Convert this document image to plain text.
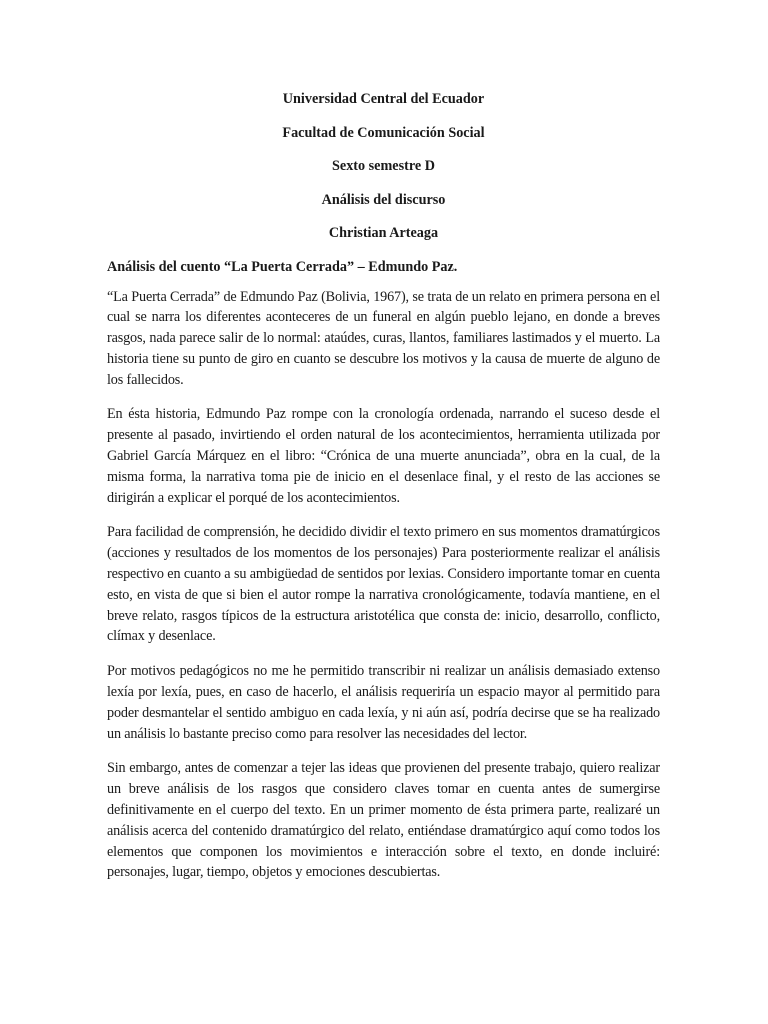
Universidad Central del Ecuador

Facultad de Comunicación Social

Sexto semestre D

Análisis del discurso

Christian Arteaga

Análisis del cuento “La Puerta Cerrada” – Edmundo Paz.

“La Puerta Cerrada” de Edmundo Paz (Bolivia, 1967), se trata de un relato en primera persona en el cual se narra los diferentes aconteceres de un funeral en algún pueblo lejano, en donde a breves rasgos, nada parece salir de lo normal: ataúdes, curas, llantos, familiares lastimados y el muerto. La historia tiene su punto de giro en cuanto se descubre los motivos y la causa de muerte de alguno de los fallecidos.

En ésta historia, Edmundo Paz rompe con la cronología ordenada, narrando el suceso desde el presente al pasado, invirtiendo el orden natural de los acontecimientos, herramienta utilizada por Gabriel García Márquez en el libro: “Crónica de una muerte anunciada”, obra en la cual, de la misma forma, la narrativa toma pie de inicio en el desenlace final, y el resto de las acciones se dirigirán a explicar el porqué de los acontecimientos.

Para facilidad de comprensión, he decidido dividir el texto primero en sus momentos dramatúrgicos (acciones y resultados de los momentos de los personajes) Para posteriormente realizar el análisis respectivo en cuanto a su ambigüedad de sentidos por lexias. Considero importante tomar en cuenta esto, en vista de que si bien el autor rompe la narrativa cronológicamente, todavía mantiene, en el breve relato, rasgos típicos de la estructura aristotélica que consta de: inicio, desarrollo, conflicto, clímax y desenlace.

Por motivos pedagógicos no me he permitido transcribir ni realizar un análisis demasiado extenso lexía por lexía, pues, en caso de hacerlo, el análisis requeriría un espacio mayor al permitido para poder desmantelar el sentido ambiguo en cada lexía, y ni aún así, podría decirse que se ha realizado un análisis lo bastante preciso como para resolver las necesidades del lector.

Sin embargo, antes de comenzar a tejer las ideas que provienen del presente trabajo, quiero realizar un breve análisis de los rasgos que considero claves tomar en cuenta antes de sumergirse definitivamente en el cuerpo del texto. En un primer momento de ésta primera parte, realizaré un análisis acerca del contenido dramatúrgico del relato, entiéndase dramatúrgico aquí como todos los elementos que componen los movimientos e interacción sobre el texto, en donde incluiré: personajes, lugar, tiempo, objetos y emociones descubiertas.
